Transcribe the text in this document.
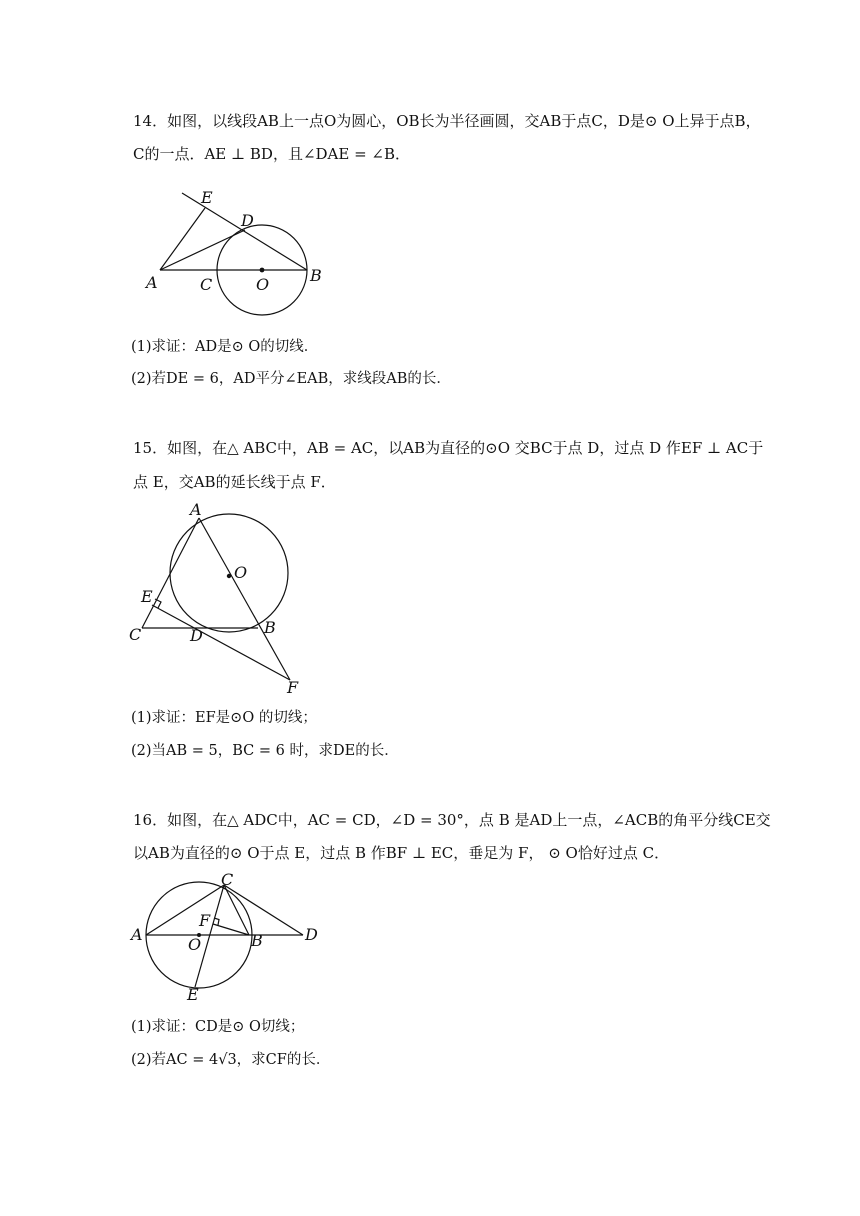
14．如图，以线段AB上一点O为圆心，OB长为半径画圆，交AB于点C，D是⊙ O上异于点B，
C的一点．AE ⊥ BD，且∠DAE = ∠B．
E
D
A	C	O	B
(1)求证：AD是⊙ O的切线．
(2)若DE = 6，AD平分∠EAB，求线段AB的长．
15．如图，在△ ABC中，AB = AC，以AB为直径的⊙O 交BC于点 D，过点 D 作EF ⊥ AC于
点 E，交AB的延长线于点 F．
A
O
E
C	D	B
F
(1)求证：EF是⊙O 的切线；
(2)当AB = 5，BC = 6 时，求DE的长．
16．如图，在△ ADC中，AC = CD，∠D = 30°，点 B 是AD上一点，∠ACB的角平分线CE交
以AB为直径的⊙ O于点 E，过点 B 作BF ⊥ EC，垂足为 F， ⊙ O恰好过点 C．
C
A
F
O	B	D
E
(1)求证：CD是⊙ O切线；
(2)若AC = 4√3，求CF的长．
